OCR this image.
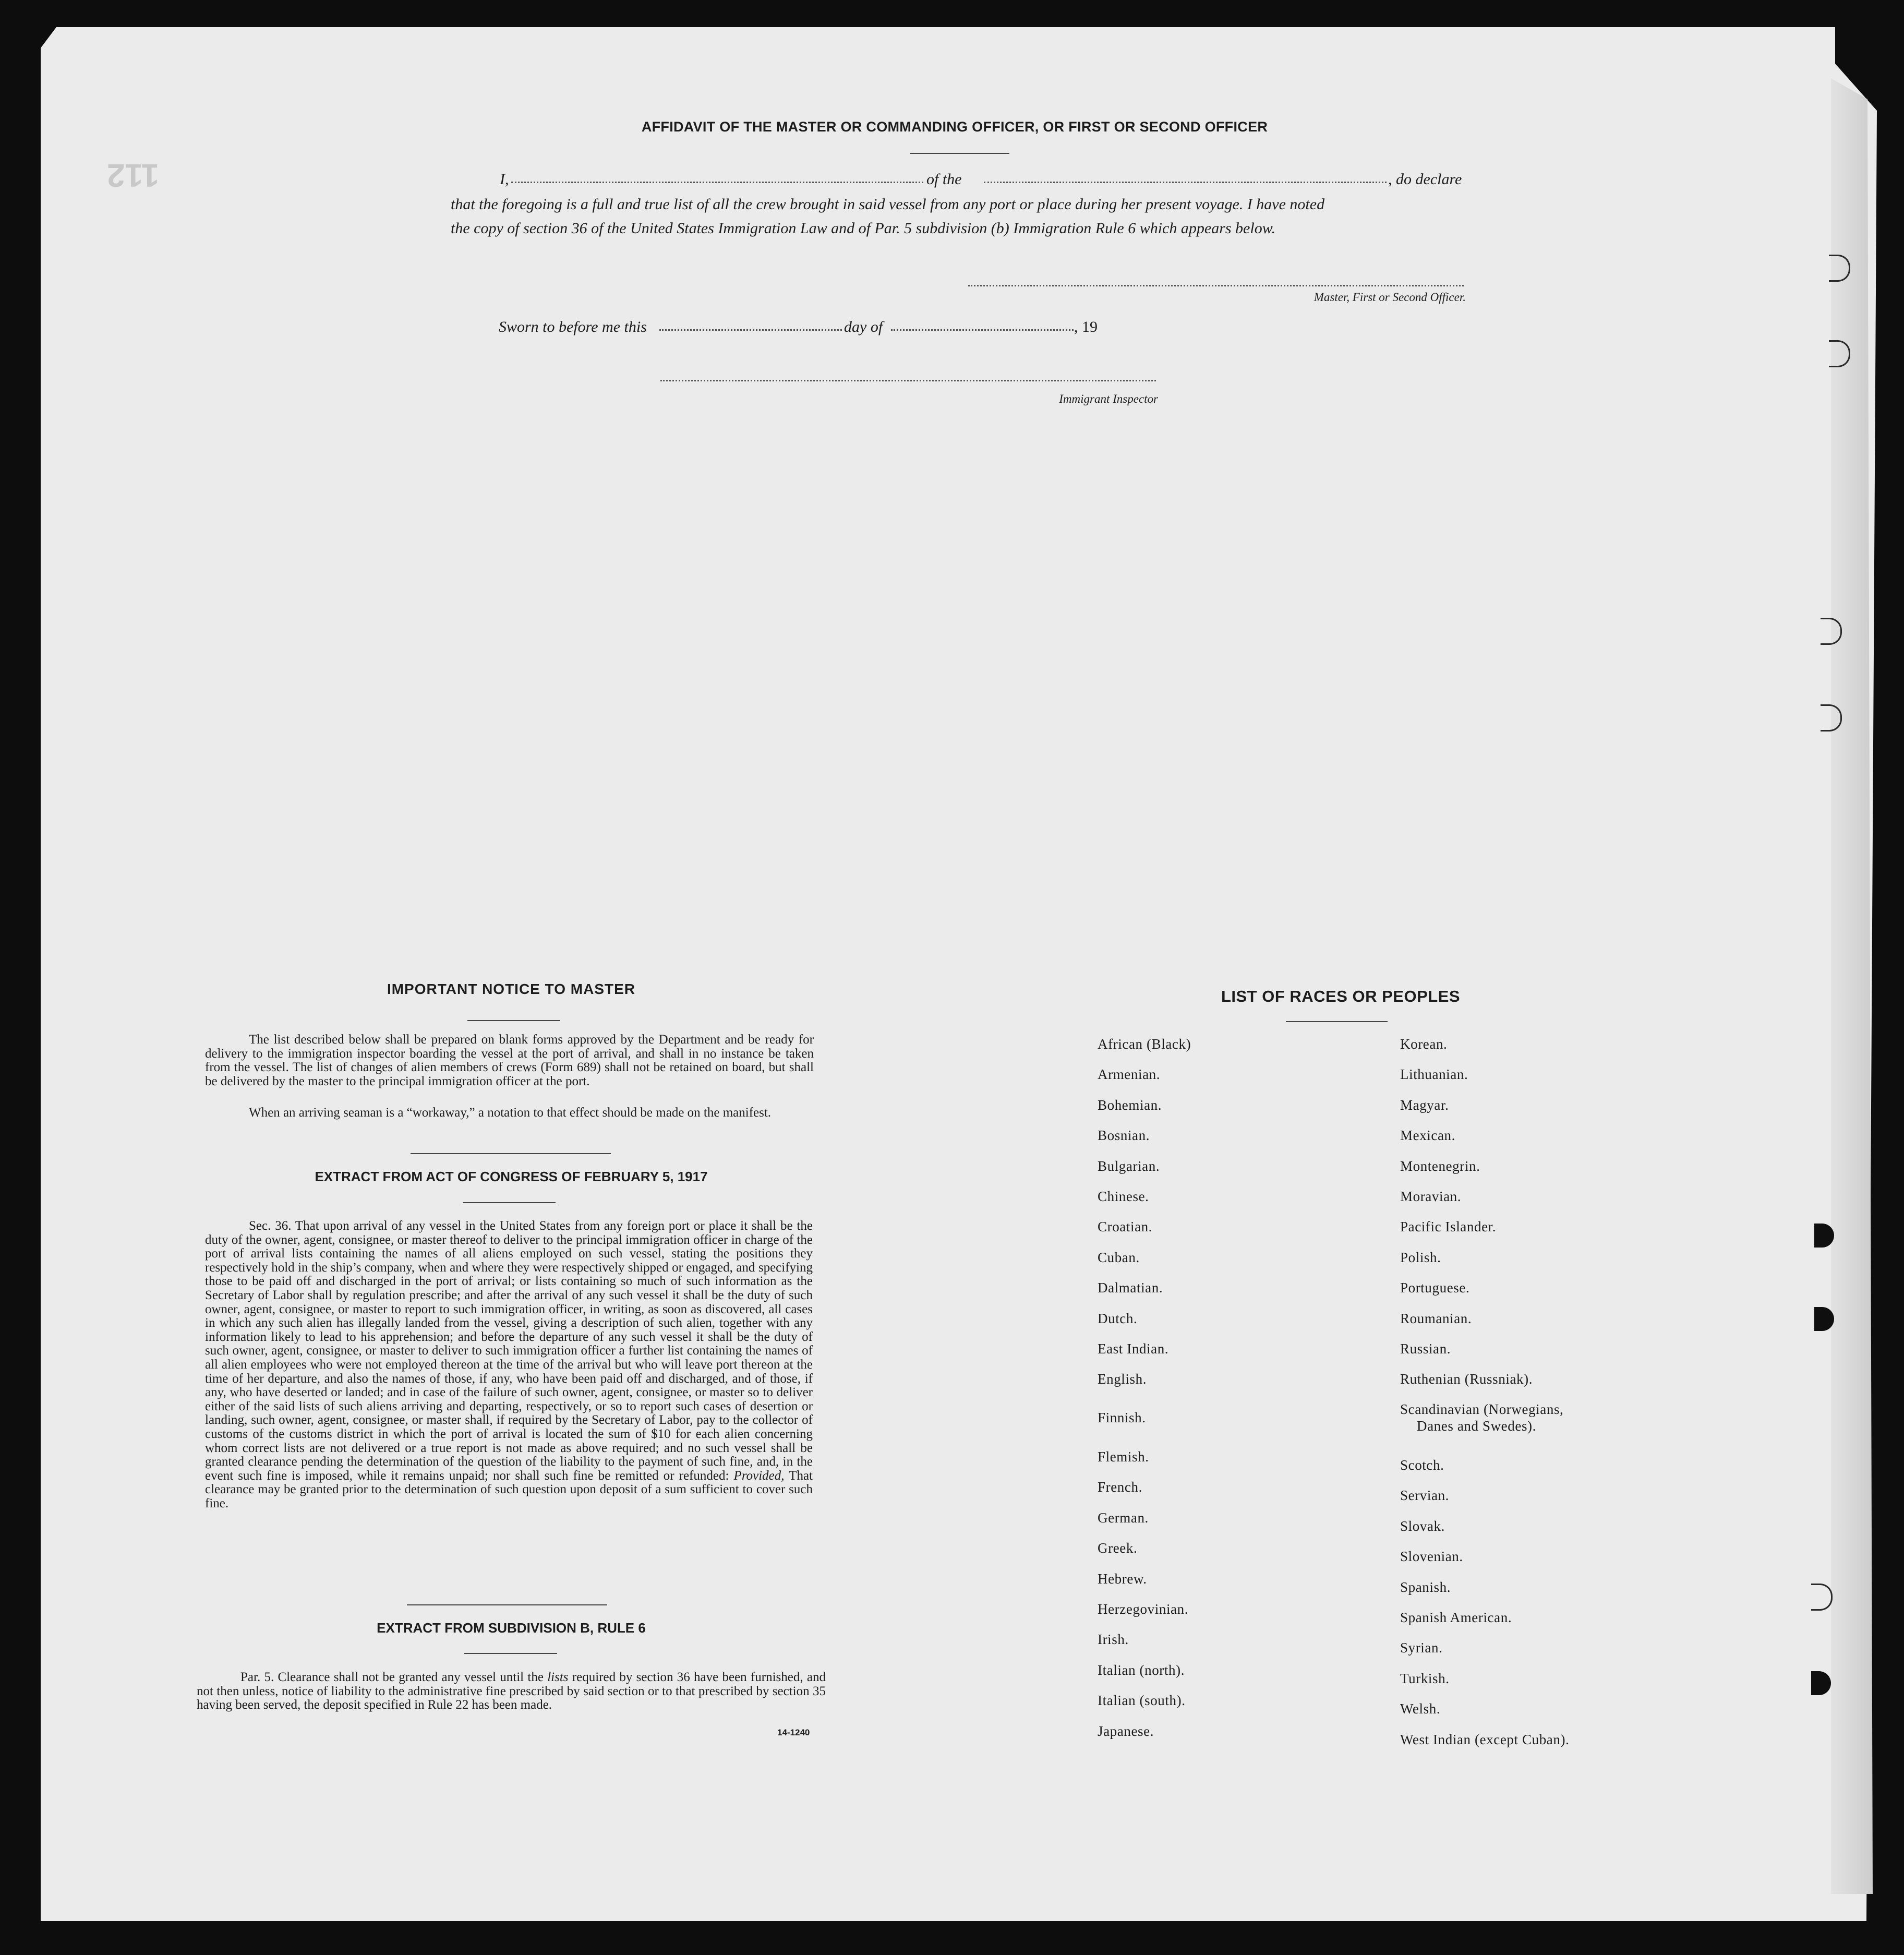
112
AFFIDAVIT OF THE MASTER OR COMMANDING OFFICER, OR FIRST OR SECOND OFFICER
I,	of the	, do declare
that the foregoing is a full and true list of all the crew brought in said vessel from any port or place during her present voyage. I have noted
the copy of section 36 of the United States Immigration Law and of Par. 5 subdivision (b) Immigration Rule 6 which appears below.
Master, First or Second Officer.
Sworn to before me this	day of	, 19
Immigrant Inspector
IMPORTANT NOTICE TO MASTER
The list described below shall be prepared on blank forms approved by the Department and be ready for delivery to the immigration inspector boarding the vessel at the port of arrival, and shall in no instance be taken from the vessel. The list of changes of alien members of crews (Form 689) shall not be retained on board, but shall be delivered by the master to the principal immigration officer at the port.
When an arriving seaman is a “workaway,” a notation to that effect should be made on the manifest.
EXTRACT FROM ACT OF CONGRESS OF FEBRUARY 5, 1917
Sec. 36. That upon arrival of any vessel in the United States from any foreign port or place it shall be the duty of the owner, agent, consignee, or master thereof to deliver to the principal immigration officer in charge of the port of arrival lists containing the names of all aliens employed on such vessel, stating the positions they respectively hold in the ship’s company, when and where they were respectively shipped or engaged, and specifying those to be paid off and discharged in the port of arrival; or lists containing so much of such information as the Secretary of Labor shall by regulation prescribe; and after the arrival of any such vessel it shall be the duty of such owner, agent, consignee, or master to report to such immigration officer, in writing, as soon as discovered, all cases in which any such alien has illegally landed from the vessel, giving a description of such alien, together with any information likely to lead to his apprehension; and before the departure of any such vessel it shall be the duty of such owner, agent, consignee, or master to deliver to such immigration officer a further list containing the names of all alien employees who were not employed thereon at the time of the arrival but who will leave port thereon at the time of her departure, and also the names of those, if any, who have been paid off and discharged, and of those, if any, who have deserted or landed; and in case of the failure of such owner, agent, consignee, or master so to deliver either of the said lists of such aliens arriving and departing, respectively, or so to report such cases of desertion or landing, such owner, agent, consignee, or master shall, if required by the Secretary of Labor, pay to the collector of customs of the customs district in which the port of arrival is located the sum of $10 for each alien concerning whom correct lists are not delivered or a true report is not made as above required; and no such vessel shall be granted clearance pending the determination of the question of the liability to the payment of such fine, and, in the event such fine is imposed, while it remains unpaid; nor shall such fine be remitted or refunded: Provided, That clearance may be granted prior to the determination of such question upon deposit of a sum sufficient to cover such fine.
EXTRACT FROM SUBDIVISION B, RULE 6
Par. 5. Clearance shall not be granted any vessel until the lists required by section 36 have been furnished, and not then unless, notice of liability to the administrative fine prescribed by said section or to that prescribed by section 35 having been served, the deposit specified in Rule 22 has been made.
14-1240
LIST OF RACES OR PEOPLES
African (Black)
Armenian.
Bohemian.
Bosnian.
Bulgarian.
Chinese.
Croatian.
Cuban.
Dalmatian.
Dutch.
East Indian.
English.
Finnish.
Flemish.
French.
German.
Greek.
Hebrew.
Herzegovinian.
Irish.
Italian (north).
Italian (south).
Japanese.
Korean.
Lithuanian.
Magyar.
Mexican.
Montenegrin.
Moravian.
Pacific Islander.
Polish.
Portuguese.
Roumanian.
Russian.
Ruthenian (Russniak).
Scandinavian (Norwegians,
Danes and Swedes).
Scotch.
Servian.
Slovak.
Slovenian.
Spanish.
Spanish American.
Syrian.
Turkish.
Welsh.
West Indian (except Cuban).
